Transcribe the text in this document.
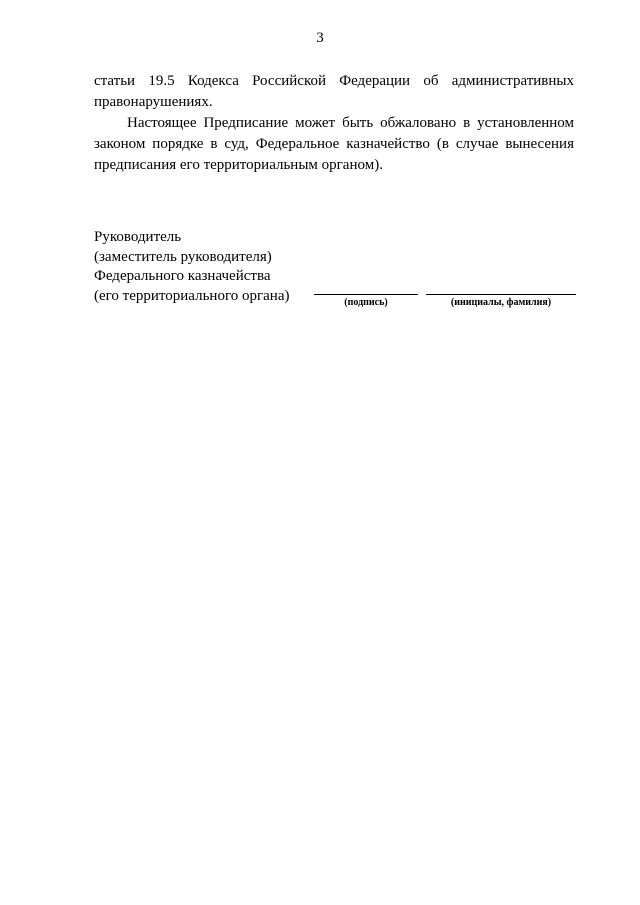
3

статьи 19.5 Кодекса Российской Федерации об административных правонарушениях.

Настоящее Предписание может быть обжаловано в установленном законом порядке в суд, Федеральное казначейство (в случае вынесения предписания его территориальным органом).

Руководитель
(заместитель руководителя)
Федерального казначейства
(его территориального органа)	(подпись)	(инициалы, фамилия)
